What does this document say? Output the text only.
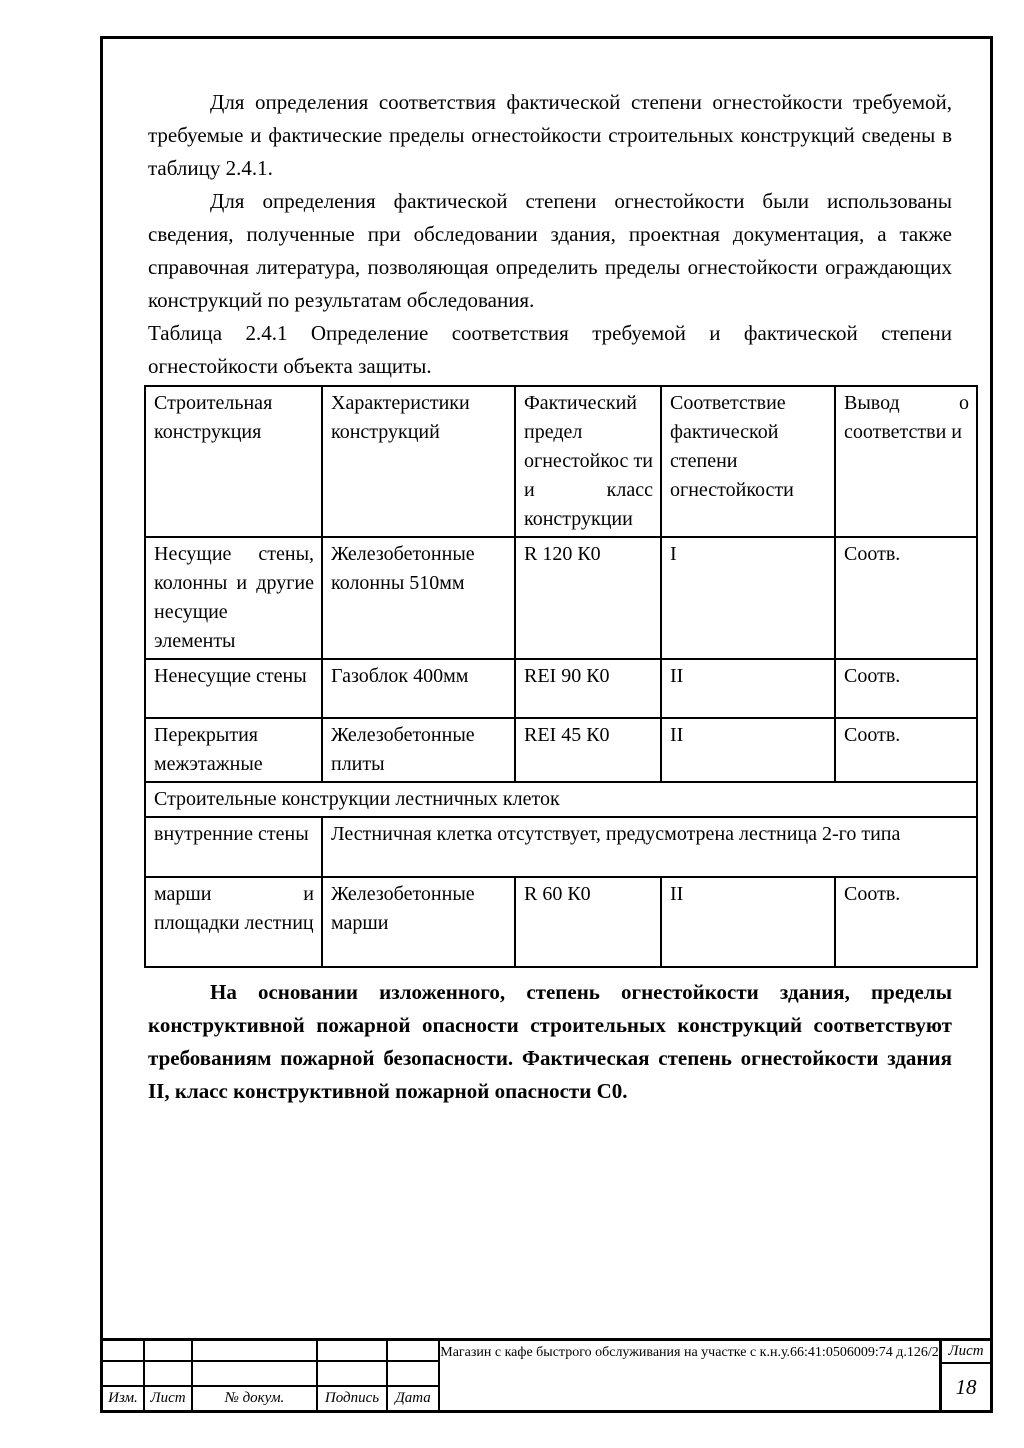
Для определения соответствия фактической степени огнестойкости требуемой, требуемые и фактические пределы огнестойкости строительных конструкций сведены в таблицу 2.4.1.

Для определения фактической степени огнестойкости были использованы сведения, полученные при обследовании здания, проектная документация, а также справочная литература, позволяющая определить пределы огнестойкости ограждающих конструкций по результатам обследования.

Таблица 2.4.1 Определение соответствия требуемой и фактической степени огнестойкости объекта защиты.

Строительная конструкция	Характеристики конструкций	Фактический предел огнестойкос ти и класс конструкции	Соответствие фактической степени огнестойкости	Вывод о соответстви и
Несущие стены, колонны и другие несущие элементы	Железобетонные колонны 510мм	R 120 К0	I	Соотв.
Ненесущие стены	Газоблок 400мм	REI 90 К0	II	Соотв.
Перекрытия межэтажные	Железобетонные плиты	REI 45 К0	II	Соотв.
Строительные конструкции лестничных клеток				
внутренние стены	Лестничная клетка отсутствует, предусмотрена лестница 2-го типа			
марши и площадки лестниц	Железобетонные марши	R 60 К0	II	Соотв.

На основании изложенного, степень огнестойкости здания, пределы конструктивной пожарной опасности строительных конструкций соответствуют требованиям пожарной безопасности. Фактическая степень огнестойкости здания II, класс конструктивной пожарной опасности С0.

Изм. Лист	№ докум.	Подпись Дата
Магазин с кафе быстрого обслуживания на участке с к.н.у.66:41:0506009:74 д.126/2 Лист
18
